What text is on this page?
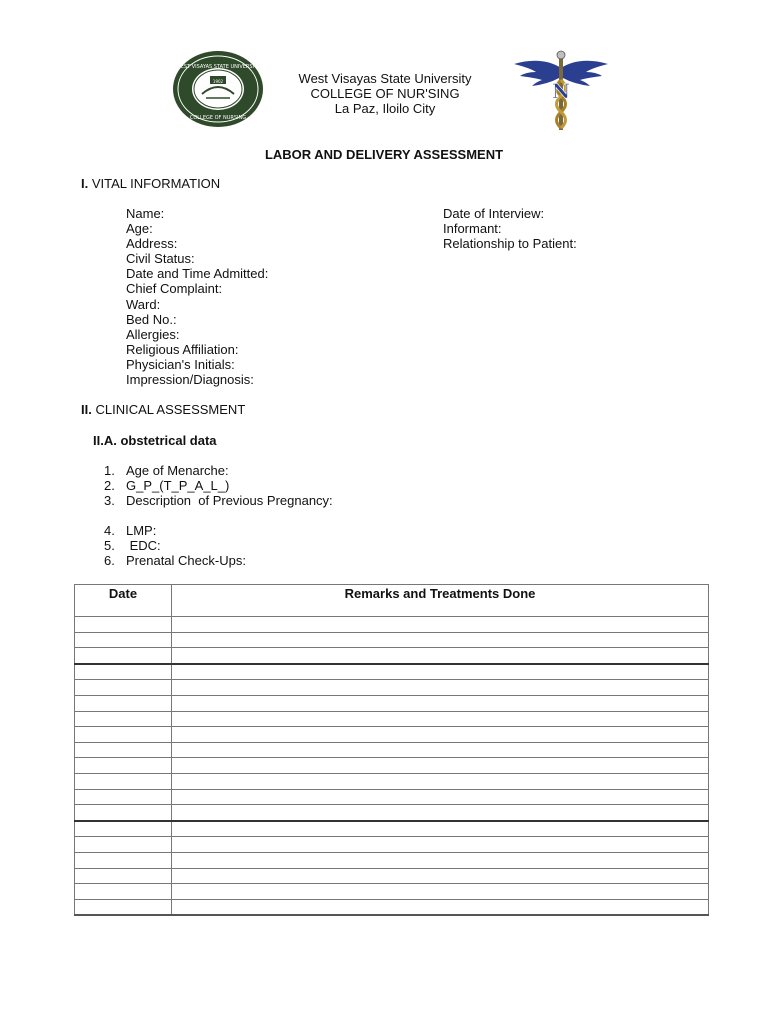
WEST VISAYAS STATE UNIVERSITY
COLLEGE OF NURSING
1902	West Visayas State University
COLLEGE OF NUR'SING
La Paz, Iloilo City
N
LABOR AND DELIVERY ASSESSMENT
I. VITAL INFORMATION
Name:
Age:
Address:
Civil Status:
Date and Time Admitted:
Chief Complaint:
Ward:
Bed No.:
Allergies:
Religious Affiliation:
Physician's Initials:
Impression/Diagnosis:
Date of Interview:
Informant:
Relationship to Patient:
II. CLINICAL ASSESSMENT
II.A. obstetrical data
1. Age of Menarche:
2. G_P_(T_P_A_L_)
3. Description  of Previous Pregnancy:
4. LMP:
5. EDC:
6. Prenatal Check-Ups:
Date	Remarks and Treatments Done
